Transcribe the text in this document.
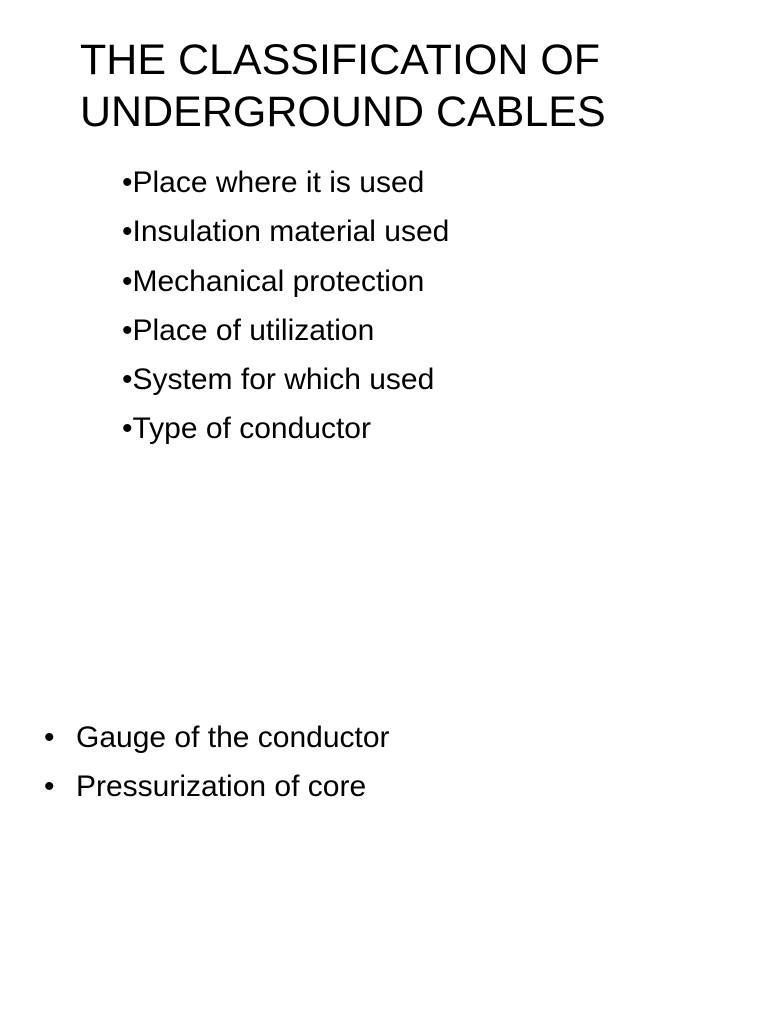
THE CLASSIFICATION OF
UNDERGROUND CABLES
•Place where it is used
•Insulation material used
•Mechanical protection
•Place of utilization
•System for which used
•Type of conductor
• Gauge of the conductor
• Pressurization of core
